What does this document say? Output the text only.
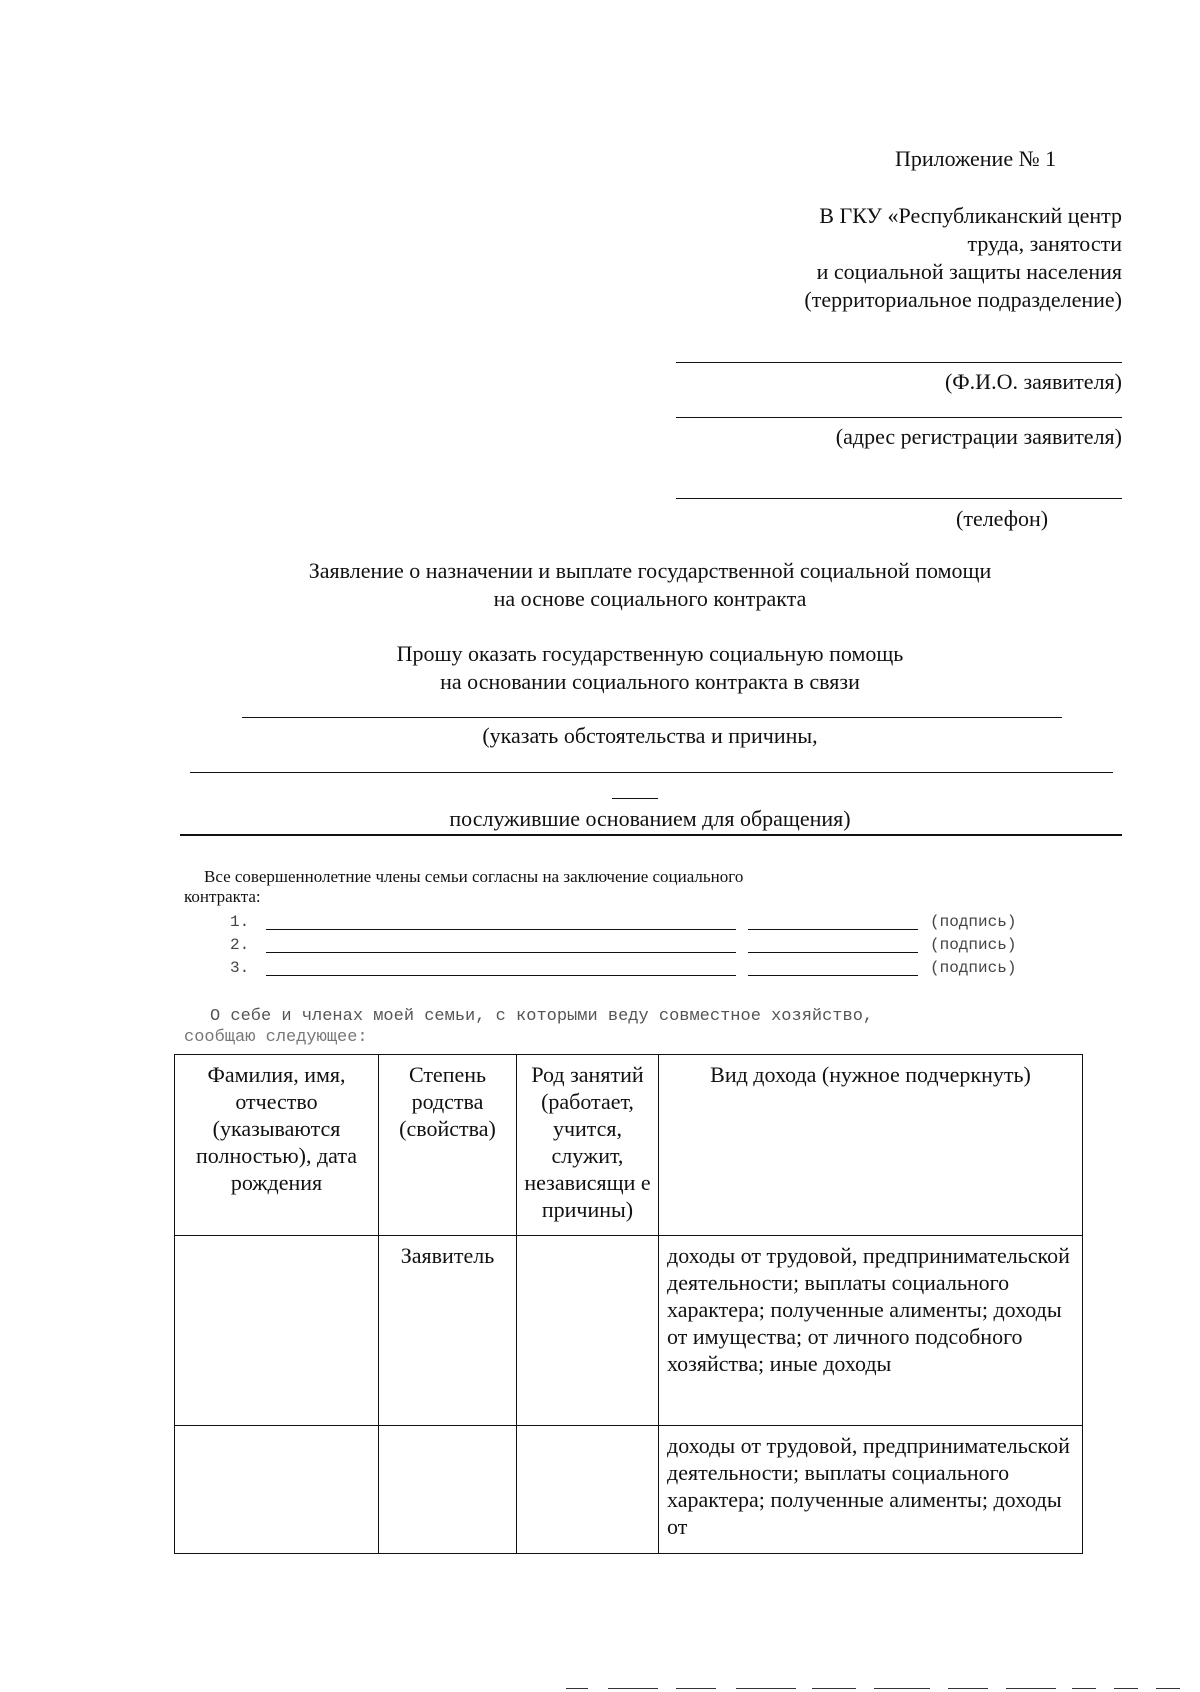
Приложение № 1
В ГКУ «Республиканский центр
труда, занятости
и социальной защиты населения
(территориальное подразделение)
(Ф.И.О. заявителя)
(адрес регистрации заявителя)
(телефон)
Заявление о назначении и выплате государственной социальной помощи
на основе социального контракта
Прошу оказать государственную социальную помощь
на основании социального контракта в связи
(указать обстоятельства и причины,
послужившие основанием для обращения)
Все совершеннолетние члены семьи согласны на заключение социального
контракта:
1.	(подпись)
2.	(подпись)
3.	(подпись)
О себе и членах моей семьи, с которыми веду совместное хозяйство,
сообщаю следующее:
Фамилия, имя, отчество (указываются полностью), дата рождения	Степень родства (свойства)	Род занятий (работает, учится, служит, независящи е причины)	Вид дохода (нужное подчеркнуть)
	Заявитель		доходы от трудовой, предпринимательской деятельности; выплаты социального характера; полученные алименты; доходы от имущества; от личного подсобного хозяйства; иные доходы
			доходы от трудовой, предпринимательской деятельности; выплаты социального характера; полученные алименты; доходы от
